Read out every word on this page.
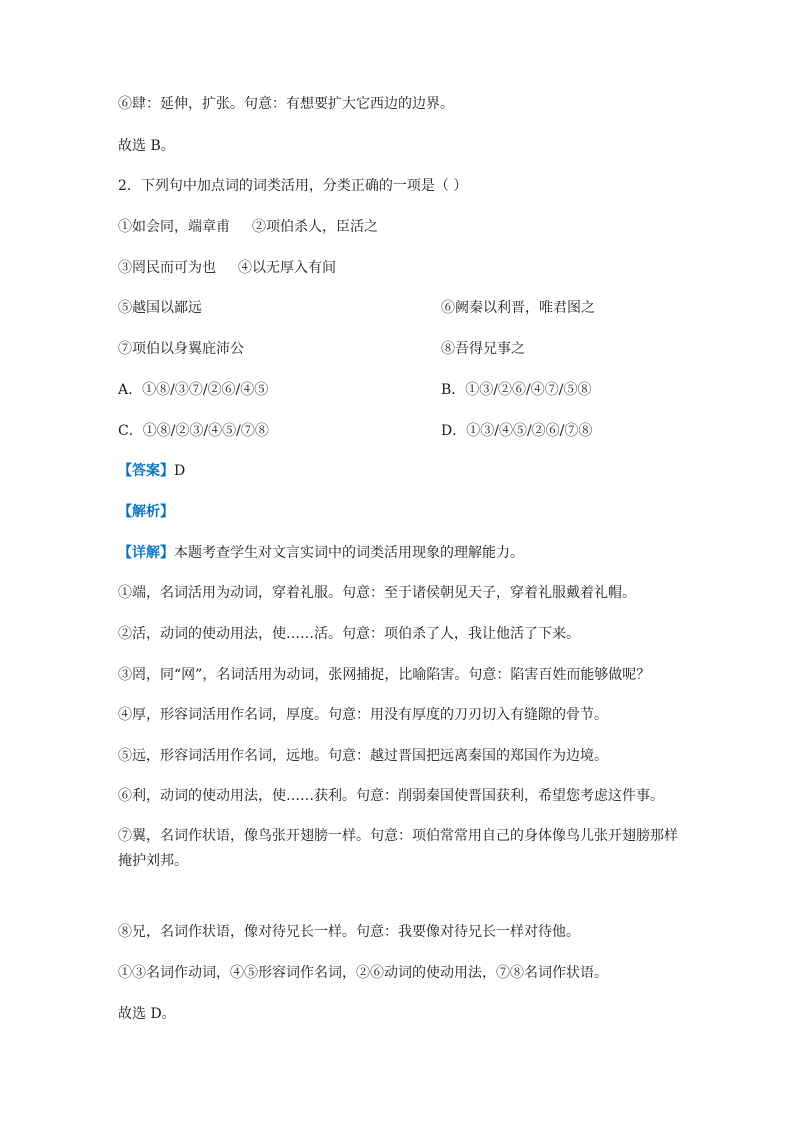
⑥肆：延伸，扩张。句意：有想要扩大它西边的边界。
故选 B。
2．下列句中加点词的词类活用，分类正确的一项是（ ）
①如会同，端章甫 ②项伯杀人，臣活之
③罔民而可为也 ④以无厚入有间
⑤越国以鄙远	⑥阙秦以利晋，唯君图之
⑦项伯以身翼庇沛公	⑧吾得兄事之
A．①⑧/③⑦/②⑥/④⑤	B．①③/②⑥/④⑦/⑤⑧
C．①⑧/②③/④⑤/⑦⑧	D．①③/④⑤/②⑥/⑦⑧
【答案】D
【解析】
【详解】本题考查学生对文言实词中的词类活用现象的理解能力。
①端，名词活用为动词，穿着礼服。句意：至于诸侯朝见天子，穿着礼服戴着礼帽。
②活，动词的使动用法，使……活。句意：项伯杀了人，我让他活了下来。
③罔，同“网”，名词活用为动词，张网捕捉，比喻陷害。句意：陷害百姓而能够做呢？
④厚，形容词活用作名词，厚度。句意：用没有厚度的刀刃切入有缝隙的骨节。
⑤远，形容词活用作名词，远地。句意：越过晋国把远离秦国的郑国作为边境。
⑥利，动词的使动用法，使……获利。句意：削弱秦国使晋国获利，希望您考虑这件事。
⑦翼，名词作状语，像鸟张开翅膀一样。句意：项伯常常用自己的身体像鸟儿张开翅膀那样掩护刘邦。
⑧兄，名词作状语，像对待兄长一样。句意：我要像对待兄长一样对待他。
①③名词作动词，④⑤形容词作名词，②⑥动词的使动用法，⑦⑧名词作状语。
故选 D。
